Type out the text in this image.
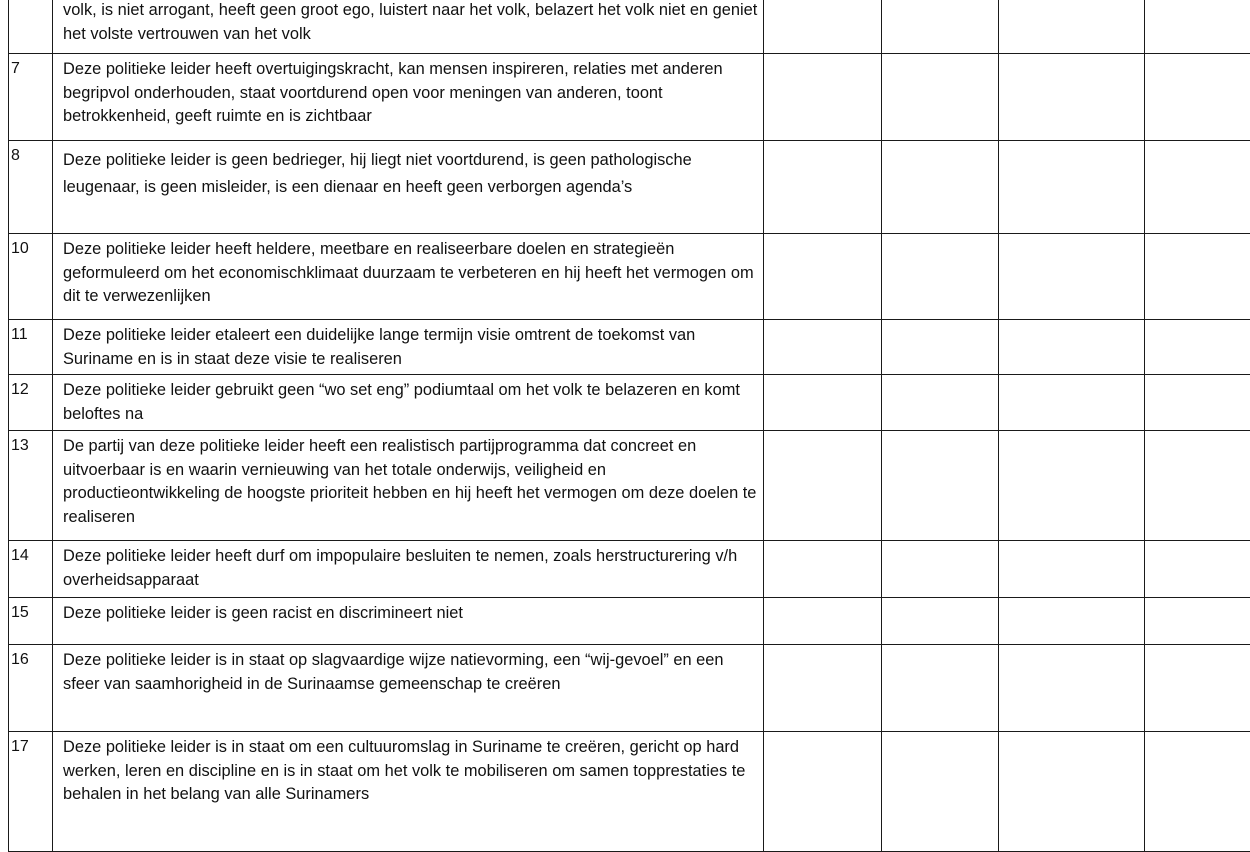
	volk, is niet arrogant, heeft geen groot ego, luistert naar het volk, belazert het volk niet en geniet het volste vertrouwen van het volk				
7	Deze politieke leider heeft overtuigingskracht, kan mensen inspireren, relaties met anderen begripvol onderhouden, staat voortdurend open voor meningen van anderen, toont betrokkenheid, geeft ruimte en is zichtbaar				
8	Deze politieke leider is geen bedrieger, hij liegt niet voortdurend, is geen pathologische leugenaar, is geen misleider, is een dienaar en heeft geen verborgen agenda’s				
10	Deze politieke leider heeft heldere, meetbare en realiseerbare doelen en strategieën geformuleerd om het economischklimaat duurzaam te verbeteren en hij heeft het vermogen om dit te verwezenlijken				
11	Deze politieke leider etaleert een duidelijke lange termijn visie omtrent de toekomst van Suriname en is in staat deze visie te realiseren				
12	Deze politieke leider gebruikt geen “wo set eng” podiumtaal om het volk te belazeren en komt beloftes na				
13	De partij van deze politieke leider heeft een realistisch partijprogramma dat concreet en uitvoerbaar is en waarin vernieuwing van het totale onderwijs, veiligheid en productieontwikkeling de hoogste prioriteit hebben en hij heeft het vermogen om deze doelen te realiseren				
14	Deze politieke leider heeft durf om impopulaire besluiten te nemen, zoals herstructurering v/h overheidsapparaat				
15	Deze politieke leider is geen racist en discrimineert niet				
16	Deze politieke leider is in staat op slagvaardige wijze natievorming, een “wij-gevoel” en een sfeer van saamhorigheid in de Surinaamse gemeenschap te creëren				
17	Deze politieke leider is in staat om een cultuuromslag in Suriname te creëren, gericht op hard werken, leren en discipline en is in staat om het volk te mobiliseren om samen topprestaties te behalen in het belang van alle Surinamers				
